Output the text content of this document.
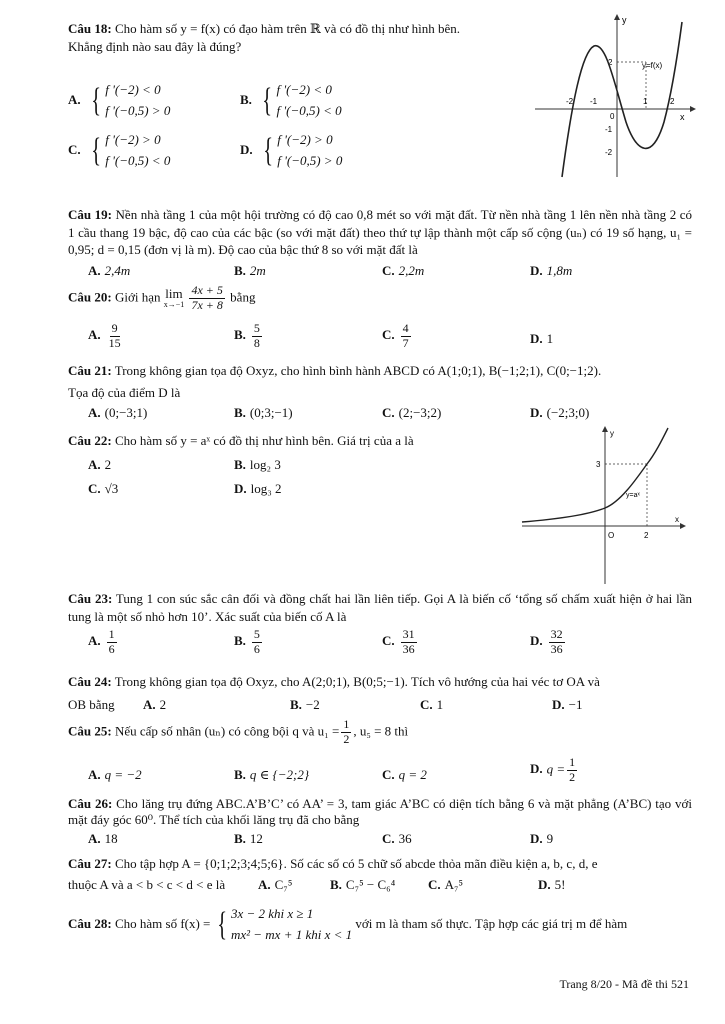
Câu 18: Cho hàm số y = f(x) có đạo hàm trên ℝ và có đồ thị như hình bên.
Khẳng định nào sau đây là đúng?
A. { f '(−2) < 0
f '(−0,5) > 0
B. { f '(−2) < 0
f '(−0,5) < 0
C. { f '(−2) > 0
f '(−0,5) < 0
D. { f '(−2) > 0
f '(−0,5) > 0
y
x
0
-2 -1	1	2
2
-1
-2
y=f(x)
Câu 19: Nền nhà tầng 1 của một hội trường có độ cao 0,8 mét so với mặt đất. Từ nền nhà tầng 1 lên nền nhà tầng 2 có 1 cầu thang 19 bậc, độ cao của các bậc (so với mặt đất) theo thứ tự lập thành một cấp số cộng (uₙ) có 19 số hạng, u₁ = 0,95; d = 0,15 (đơn vị là m). Độ cao của bậc thứ 8 so với mặt đất là
A. 2,4m	B. 2m	C. 2,2m	D. 1,8m
Câu 20: Giới hạn lim
x→−1
$\frac{4x + 5}{7x + 8}$ bằng
A. $\frac{9}{15}$	B. $\frac{5}{8}$	C. $\frac{4}{7}$	D. 1
Câu 21: Trong không gian tọa độ Oxyz, cho hình bình hành ABCD có A(1;0;1), B(−1;2;1), C(0;−1;2).
Tọa độ của điểm D là
A. (0;−3;1)	B. (0;3;−1)	C. (2;−3;2)	D. (−2;3;0)
Câu 22: Cho hàm số y = aˣ có đồ thị như hình bên. Giá trị của a là
A. 2	B. log₂ 3
C. √3	D. log₃ 2
y
x
O	2
3
y=aˣ
Câu 23: Tung 1 con súc sắc cân đối và đồng chất hai lần liên tiếp. Gọi A là biến cố ‘tổng số chấm xuất hiện ở hai lần tung là một số nhỏ hơn 10’. Xác suất của biến cố A là
A. $\frac{1}{6}$	B. $\frac{5}{6}$	C. $\frac{31}{36}$	D. $\frac{32}{36}$
Câu 24: Trong không gian tọa độ Oxyz, cho A(2;0;1), B(0;5;−1). Tích vô hướng của hai véc tơ OA và
OB bằng	A. 2	B. −2	C. 1	D. −1
Câu 25: Nếu cấp số nhân (uₙ) có công bội q và $u_1 = \frac{1}{2}$ , u₅ = 8 thì
A. q = −2	B. q ∈ {−2;2}	C. q = 2	D. $q = \frac{1}{2}$
Câu 26: Cho lăng trụ đứng ABC.A’B’C’ có AA’ = 3, tam giác A’BC có diện tích bằng 6 và mặt phẳng (A’BC) tạo với mặt đáy góc 60⁰. Thể tích của khối lăng trụ đã cho bằng
A. 18	B. 12	C. 36	D. 9
Câu 27: Cho tập hợp A = {0;1;2;3;4;5;6}. Số các số có 5 chữ số abcde thỏa mãn điều kiện a, b, c, d, e
thuộc A và a < b < c < d < e là	A. C₇⁵	B. C₇⁵ − C₆⁴	C. A₇⁵	D. 5!
Câu 28: Cho hàm số f(x) = { 3x − 2 khi x ≥ 1
mx² − mx + 1 khi x < 1
với m là tham số thực. Tập hợp các giá trị m để hàm
Trang 8/20 - Mã đề thi 521
